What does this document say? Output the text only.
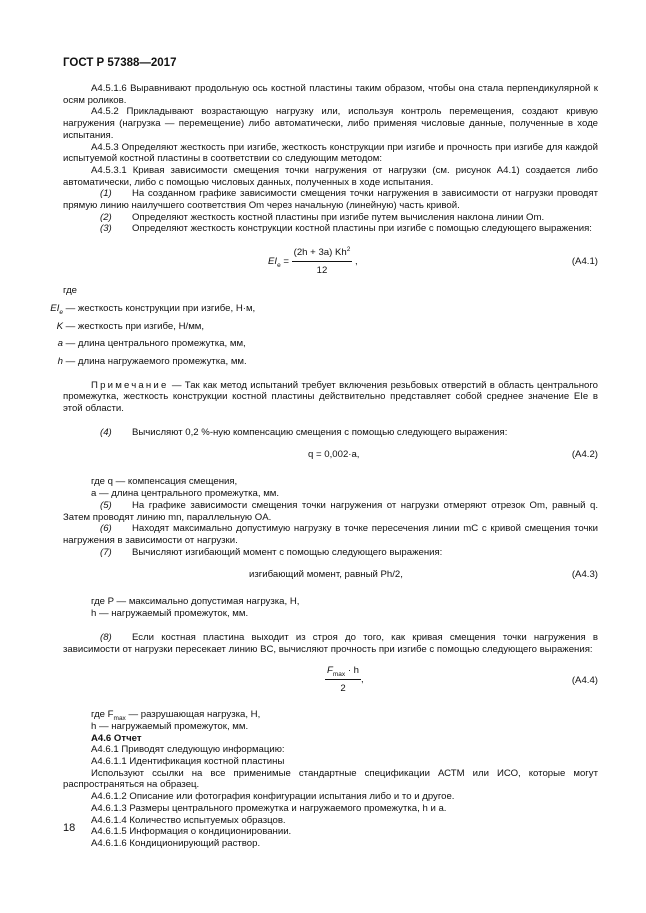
ГОСТ Р 57388—2017

А4.5.1.6 Выравнивают продольную ось костной пластины таким образом, чтобы она стала перпендикулярной к осям роликов.

А4.5.2 Прикладывают возрастающую нагрузку или, используя контроль перемещения, создают кривую нагружения (нагрузка — перемещение) либо автоматически, либо применяя числовые данные, полученные в ходе испытания.

А4.5.3 Определяют жесткость при изгибе, жесткость конструкции при изгибе и прочность при изгибе для каждой испытуемой костной пластины в соответствии со следующим методом:

А4.5.3.1 Кривая зависимости смещения точки нагружения от нагрузки (см. рисунок А4.1) создается либо автоматически, либо с помощью числовых данных, полученных в ходе испытания.

(1) На созданном графике зависимости смещения точки нагружения в зависимости от нагрузки проводят прямую линию наилучшего соответствия Om через начальную (линейную) часть кривой.

(2) Определяют жесткость костной пластины при изгибе путем вычисления наклона линии Om.

(3) Определяют жесткость конструкции костной пластины при изгибе с помощью следующего выражения:

$EI_e = \frac{(2h + 3a) Kh^2}{12}$ ,	(А4.1)

где

$EI_e$ — жесткость конструкции при изгибе, Н·м,
K — жесткость при изгибе, Н/мм,
a — длина центрального промежутка, мм,
h — длина нагружаемого промежутка, мм.

Примечание — Так как метод испытаний требует включения резьбовых отверстий в область центрального промежутка, жесткость конструкции костной пластины действительно представляет собой среднее значение EIe в этой области.

(4) Вычисляют 0,2 %-ную компенсацию смещения с помощью следующего выражения:

q = 0,002·a,	(А4.2)

где q — компенсация смещения,

a — длина центрального промежутка, мм.

(5) На графике зависимости смещения точки нагружения от нагрузки отмеряют отрезок Om, равный q. Затем проводят линию mn, параллельную OA.

(6) Находят максимально допустимую нагрузку в точке пересечения линии mC с кривой смещения точки нагружения в зависимости от нагрузки.

(7) Вычисляют изгибающий момент с помощью следующего выражения:

изгибающий момент, равный Ph/2,	(А4.3)

где P — максимально допустимая нагрузка, Н,

h — нагружаемый промежуток, мм.

(8) Если костная пластина выходит из строя до того, как кривая смещения точки нагружения в зависимости от нагрузки пересекает линию BC, вычисляют прочность при изгибе с помощью следующего выражения:

$\frac{F_{max} \cdot h}{2}$ ,	(А4.4)

где $F_{max}$ — разрушающая нагрузка, Н,

h — нагружаемый промежуток, мм.

А4.6 Отчет

А4.6.1 Приводят следующую информацию:

А4.6.1.1 Идентификация костной пластины

Используют ссылки на все применимые стандартные спецификации АСТМ или ИСО, которые могут распространяться на образец.

А4.6.1.2 Описание или фотография конфигурации испытания либо и то и другое.

А4.6.1.3 Размеры центрального промежутка и нагружаемого промежутка, h и a.

А4.6.1.4 Количество испытуемых образцов.

А4.6.1.5 Информация о кондиционировании.

А4.6.1.6 Кондиционирующий раствор.

18
